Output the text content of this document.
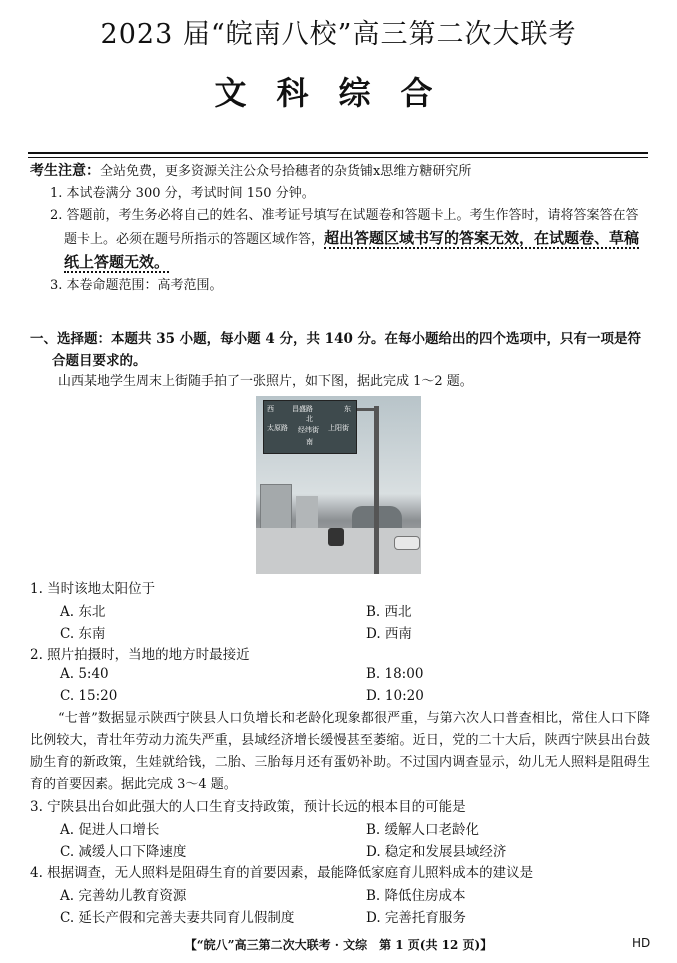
2023 届“皖南八校”高三第二次大联考
文科综合
考生注意：全站免费，更多资源关注公众号拾穗者的杂货铺x思维方糖研究所
1. 本试卷满分 300 分，考试时间 150 分钟。
2. 答题前，考生务必将自己的姓名、准考证号填写在试题卷和答题卡上。考生作答时，请将答案答在答题卡上。必须在题号所指示的答题区域作答，超出答题区域书写的答案无效，在试题卷、草稿纸上答题无效。
3. 本卷命题范围：高考范围。
一、选择题：本题共 35 小题，每小题 4 分，共 140 分。在每小题给出的四个选项中，只有一项是符合题目要求的。
山西某地学生周末上街随手拍了一张照片，如下图，据此完成 1～2 题。
西	昌盛路
北
南
东
太原路 经纬街 上阳街
1. 当时该地太阳位于
A. 东北	B. 西北
C. 东南	D. 西南
2. 照片拍摄时，当地的地方时最接近
A. 5:40	B. 18:00
C. 15:20	D. 10:20
“七普”数据显示陕西宁陕县人口负增长和老龄化现象都很严重，与第六次人口普查相比，常住人口下降比例较大，青壮年劳动力流失严重，县域经济增长缓慢甚至萎缩。近日，党的二十大后，陕西宁陕县出台鼓励生育的新政策，生娃就给钱，二胎、三胎每月还有蛋奶补助。不过国内调查显示，幼儿无人照料是阻碍生育的首要因素。据此完成 3～4 题。
3. 宁陕县出台如此强大的人口生育支持政策，预计长远的根本目的可能是
A. 促进人口增长	B. 缓解人口老龄化
C. 减缓人口下降速度	D. 稳定和发展县域经济
4. 根据调查，无人照料是阻碍生育的首要因素，最能降低家庭育儿照料成本的建议是
A. 完善幼儿教育资源	B. 降低住房成本
C. 延长产假和完善夫妻共同育儿假制度	D. 完善托育服务
【“皖八”高三第二次大联考 · 文综　第 1 页(共 12 页)】	HD
